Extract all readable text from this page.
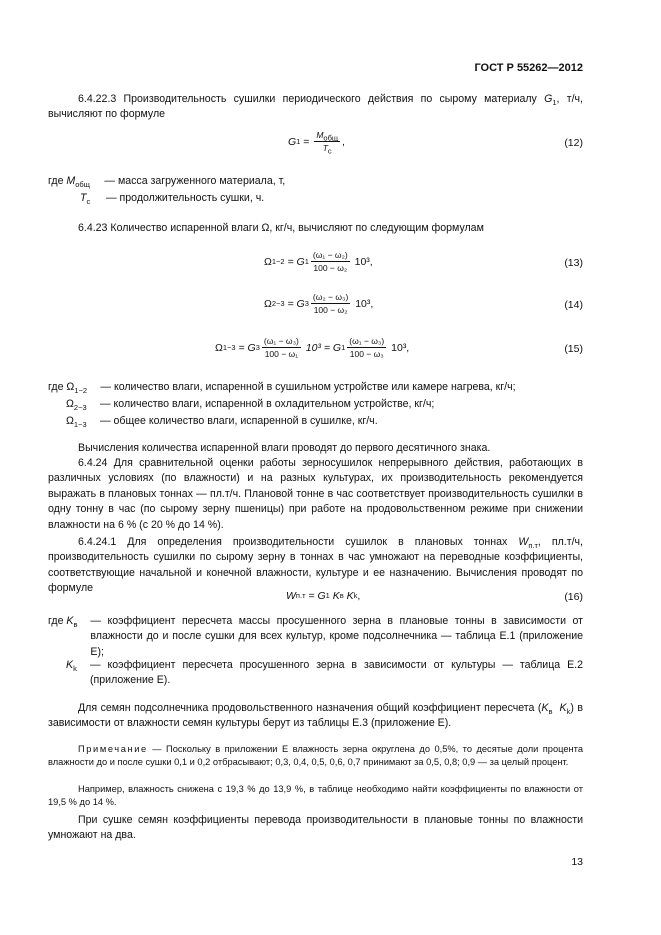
ГОСТ Р 55262—2012

6.4.22.3 Производительность сушилки периодического действия по сырому материалу $G_1$, т/ч, вычисляют по формуле

G $1 = \frac{M_{общ}}{T_с}$ ,	(12)
где $M_{общ}$	— масса загруженного материала, т,
$T_с$	— продолжительность сушки, ч.

6.4.23 Количество испаренной влаги Ω, кг/ч, вычисляют по следующим формулам

Ω 1−2 = G $1 \frac{\text{(ω₁ − ω₂)}}{\text{100 − ω₂}} 10^3$,	(13)
Ω 2−3 = G $3 \frac{\text{(ω₂ − ω₃)}}{\text{100 − ω₂}} 10^3$,	(14)
Ω 1−3 = G $3 \frac{\text{(ω₁ − ω₃)}}{\text{100 − ω₁}} 10^3 = G$ $1 \frac{\text{(ω₁ − ω₃)}}{\text{100 − ω₃}} 10^3$,	(15)
где $\Omega_{1-2}$	— количество влаги, испаренной в сушильном устройстве или камере нагрева, кг/ч;
$\Omega_{2-3}$	— количество влаги, испаренной в охладительном устройстве, кг/ч;
$\Omega_{1-3}$	— общее количество влаги, испаренной в сушилке, кг/ч.

Вычисления количества испаренной влаги проводят до первого десятичного знака.

6.4.24 Для сравнительной оценки работы зерносушилок непрерывного действия, работающих в различных условиях (по влажности) и на разных культурах, их производительность рекомендуется выражать в плановых тоннах — пл.т/ч. Плановой тонне в час соответствует производительность сушилки в одну тонну в час (по сырому зерну пшеницы) при работе на продовольственном режиме при снижении влажности на 6 % (с 20 % до 14 %).

6.4.24.1 Для определения производительности сушилок в плановых тоннах $W_{п.т}$, пл.т/ч, производительность сушилки по сырому зерну в тоннах в час умножают на переводные коэффициенты, соответствующие начальной и конечной влажности, культуре и ее назначению. Вычисления проводят по формуле

W п.т = G 1 K в K k ,	(16)
где $K_в$	— коэффициент пересчета массы просушенного зерна в плановые тонны в зависимости от влажности до и после сушки для всех культур, кроме подсолнечника — таблица Е.1 (приложение Е);
$K_k$	— коэффициент пересчета просушенного зерна в зависимости от культуры — таблица Е.2 (приложение Е).

Для семян подсолнечника продовольственного назначения общий коэффициент пересчета ($K_в$ $K_k$) в зависимости от влажности семян культуры берут из таблицы Е.3 (приложение Е).

Примечание — Поскольку в приложении Е влажность зерна округлена до 0,5%, то десятые доли процента влажности до и после сушки 0,1 и 0,2 отбрасывают; 0,3, 0,4, 0,5, 0,6, 0,7 принимают за 0,5, 0,8; 0,9 — за целый процент.

Например, влажность снижена с 19,3 % до 13,9 %, в таблице необходимо найти коэффициенты по влажности от 19,5 % до 14 %.

При сушке семян коэффициенты перевода производительности в плановые тонны по влажности умножают на два.

13
